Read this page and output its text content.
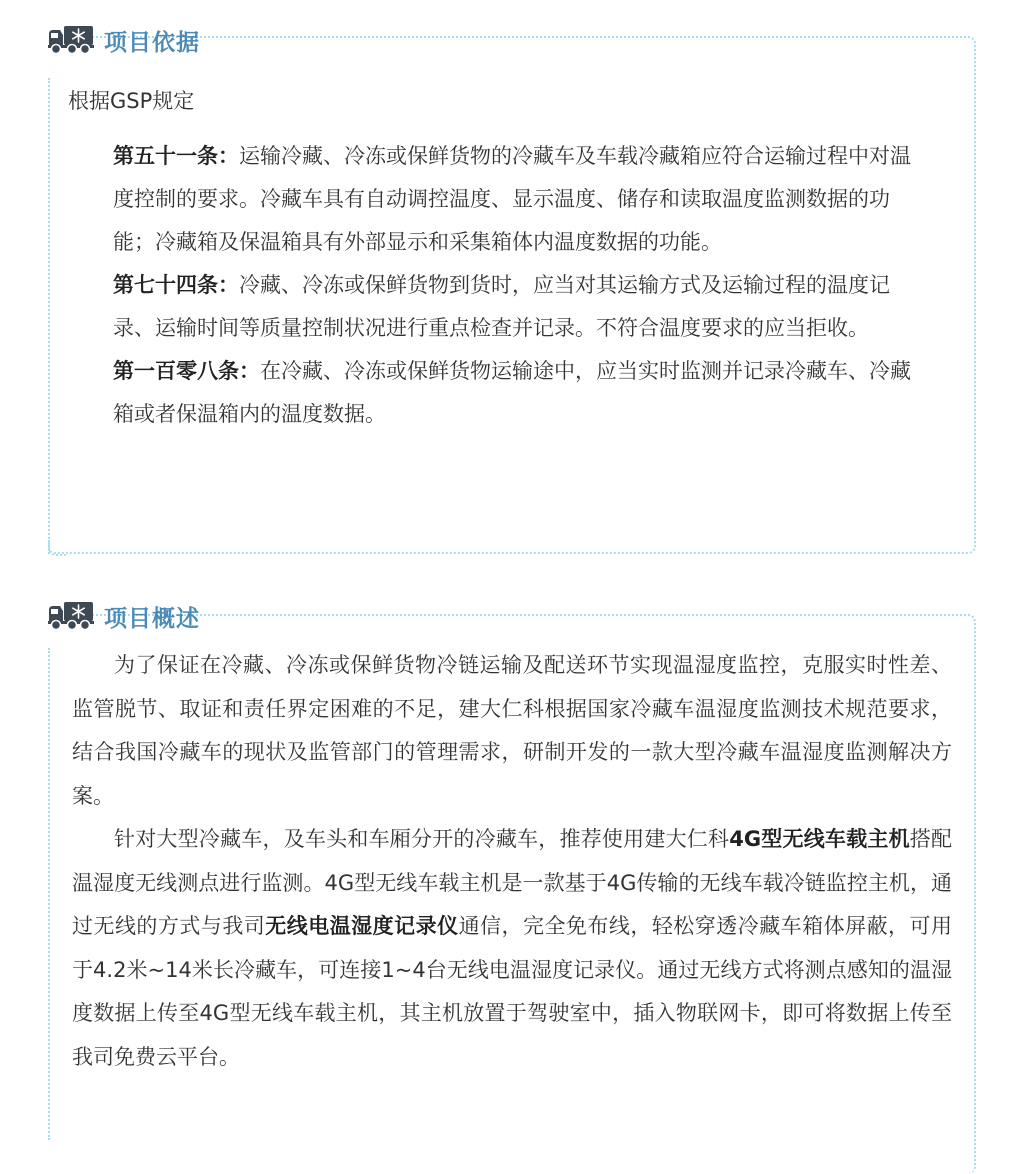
项目依据
根据GSP规定

第五十一条：运输冷藏、冷冻或保鲜货物的冷藏车及车载冷藏箱应符合运输过程中对温度控制的要求。冷藏车具有自动调控温度、显示温度、储存和读取温度监测数据的功能；冷藏箱及保温箱具有外部显示和采集箱体内温度数据的功能。

第七十四条：冷藏、冷冻或保鲜货物到货时，应当对其运输方式及运输过程的温度记录、运输时间等质量控制状况进行重点检查并记录。不符合温度要求的应当拒收。

第一百零八条：在冷藏、冷冻或保鲜货物运输途中，应当实时监测并记录冷藏车、冷藏箱或者保温箱内的温度数据。

项目概述

为了保证在冷藏、冷冻或保鲜货物冷链运输及配送环节实现温湿度监控，克服实时性差、监管脱节、取证和责任界定困难的不足，建大仁科根据国家冷藏车温湿度监测技术规范要求，结合我国冷藏车的现状及监管部门的管理需求，研制开发的一款大型冷藏车温湿度监测解决方案。

针对大型冷藏车，及车头和车厢分开的冷藏车，推荐使用建大仁科4G型无线车载主机搭配温湿度无线测点进行监测。4G型无线车载主机是一款基于4G传输的无线车载冷链监控主机，通过无线的方式与我司无线电温湿度记录仪通信，完全免布线，轻松穿透冷藏车箱体屏蔽，可用于4.2米~14米长冷藏车，可连接1~4台无线电温湿度记录仪。通过无线方式将测点感知的温湿度数据上传至4G型无线车载主机，其主机放置于驾驶室中，插入物联网卡，即可将数据上传至我司免费云平台。
